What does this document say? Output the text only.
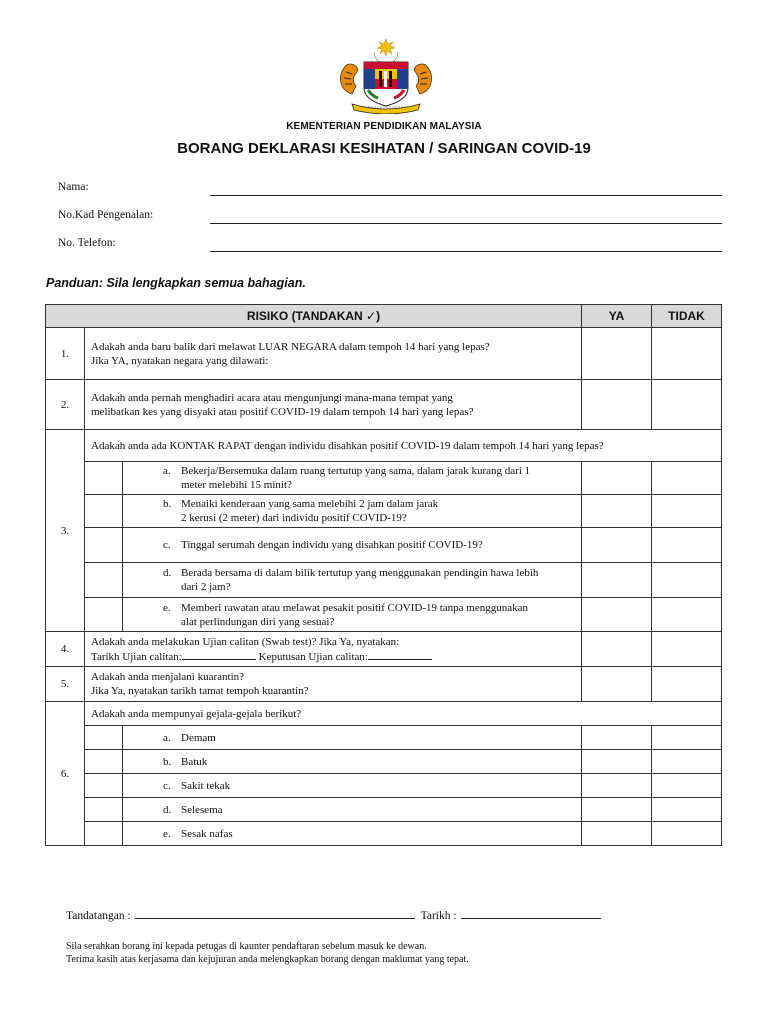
KEMENTERIAN PENDIDIKAN MALAYSIA
BORANG DEKLARASI KESIHATAN / SARINGAN COVID-19
Nama:
No.Kad Pengenalan:
No. Telefon:
Panduan: Sila lengkapkan semua bahagian.
RISIKO (TANDAKAN ✓)			YA	TIDAK
1.	Adakah anda baru balik dari melawat LUAR NEGARA dalam tempoh 14 hari yang lepas?
Jika YA, nyatakan negara yang dilawati:			

2.	Adakah anda pernah menghadiri acara atau mengunjungi mana-mana tempat yang
melibatkan kes yang disyaki atau positif COVID-19 dalam tempoh 14 hari yang lepas?			

3.	Adakah anda ada KONTAK RAPAT dengan individu disahkan positif COVID-19 dalam tempoh 14 hari yang lepas?			

		a. Bekerja/Bersemuka dalam ruang tertutup yang sama, dalam jarak kurang dari 1
meter melebihi 15 minit?		

		b. Menaiki kenderaan yang sama melebihi 2 jam dalam jarak
2 kerusi (2 meter) dari individu positif COVID-19?		

		c. Tinggal serumah dengan individu yang disahkan positif COVID-19?		

		d. Berada bersama di dalam bilik tertutup yang menggunakan pendingin hawa lebih
dari 2 jam?		

		e. Memberi rawatan atau melawat pesakit positif COVID-19 tanpa menggunakan
alat perlindungan diri yang sesuai?		

4.	Adakah anda melakukan Ujian calitan (Swab test)? Jika Ya, nyatakan:
Tarikh Ujian calitan: Keputusan Ujian calitan:			

5.	Adakah anda menjalani kuarantin?
Jika Ya, nyatakan tarikh tamat tempoh kuarantin?			

6.	Adakah anda mempunyai gejala-gejala berikut?			

		a. Demam		

		b. Batuk		

		c. Sakit tekak		

		d. Selesema		

		e. Sesak nafas		

Tandatangan :	Tarikh :
Sila serahkan borang ini kepada petugas di kaunter pendaftaran sebelum masuk ke dewan.
Terima kasih atas kerjasama dan kejujuran anda melengkapkan borang dengan maklumat yang tepat.
